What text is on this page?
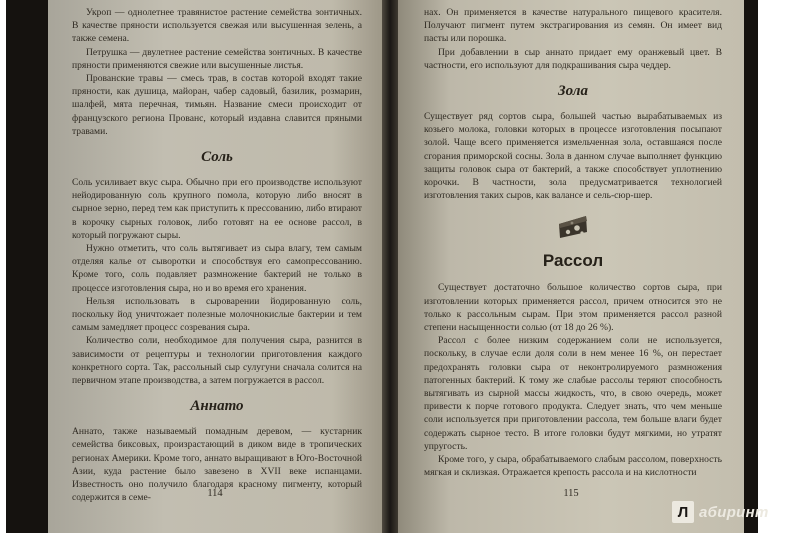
Укроп — однолетнее травянистое растение семейства зонтичных. В качестве пряности используется свежая или высушенная зелень, а также семена.

Петрушка — двулетнее растение семейства зонтичных. В качестве пряности применяются свежие или высушенные листья.

Прованские травы — смесь трав, в состав которой входят такие пряности, как душица, майоран, чабер садовый, базилик, розмарин, шалфей, мята перечная, тимьян. Название смеси происходит от французского региона Прованс, который издавна славится пряными травами.

Соль

Соль усиливает вкус сыра. Обычно при его производстве используют нейодированную соль крупного помола, которую либо вносят в сырное зерно, перед тем как приступить к прессованию, либо втирают в корочку сырных головок, либо готовят на ее основе рассол, в который погружают сыры.

Нужно отметить, что соль вытягивает из сыра влагу, тем самым отделяя кальe от сыворотки и способствуя его самопрессованию. Кроме того, соль подавляет размножение бактерий не только в процессе изготовления сыра, но и во время его хранения.

Нельзя использовать в сыроварении йодированную соль, поскольку йод уничтожает полезные молочнокислые бактерии и тем самым замедляет процесс созревания сыра.

Количество соли, необходимое для получения сыра, разнится в зависимости от рецептуры и технологии приготовления каждого конкретного сорта. Так, рассольный сыр сулугуни сначала солится на первичном этапе производства, а затем погружается в рассол.

Аннато

Аннато, также называемый помадным деревом, — кустарник семейства биксовых, произрастающий в диком виде в тропических регионах Америки. Кроме того, аннато выращивают в Юго-Восточной Азии, куда растение было завезено в XVII веке испанцами. Известность оно получило благодаря красному пигменту, который содержится в семе-	114

нах. Он применяется в качестве натурального пищевого красителя. Получают пигмент путем экстрагирования из семян. Он имеет вид пасты или порошка.

При добавлении в сыр аннато придает ему оранжевый цвет. В частности, его используют для подкрашивания сыра чеддер.

Зола

Существует ряд сортов сыра, большей частью вырабатываемых из козьего молока, головки которых в процессе изготовления посыпают золой. Чаще всего применяется измельченная зола, оставшаяся после сгорания приморской сосны. Зола в данном случае выполняет функцию защиты головок сыра от бактерий, а также способствует уплотнению корочки. В частности, зола предусматривается технологией изготовления таких сыров, как валансе и сель-сюр-шер.

Рассол

Существует достаточно большое количество сортов сыра, при изготовлении которых применяется рассол, причем относится это не только к рассольным сырам. При этом применяется рассол разной степени насыщенности солью (от 18 до 26 %).

Рассол с более низким содержанием соли не используется, поскольку, в случае если доля соли в нем менее 16 %, он перестает предохранять головки сыра от неконтролируемого размножения патогенных бактерий. К тому же слабые рассолы теряют способность вытягивать из сырной массы жидкость, что, в свою очередь, может привести к порче готового продукта. Следует знать, что чем меньше соли используется при приготовлении рассола, тем больше влаги будет содержать сырное тесто. В итоге головки будут мягкими, но утратят упругость.

Кроме того, у сыра, обрабатываемого слабым рассолом, поверхность мягкая и склизкая. Отражается крепость рассола и на кислотности

115
Л абиринт
